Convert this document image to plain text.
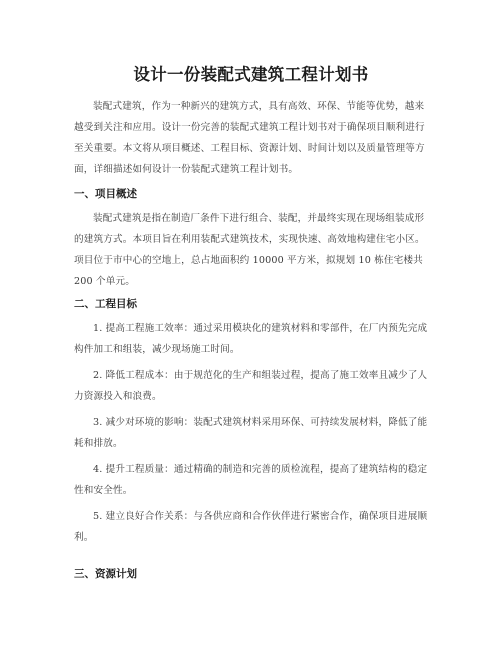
设计一份装配式建筑工程计划书
装配式建筑，作为一种新兴的建筑方式，具有高效、环保、节能等优势，越来
越受到关注和应用。设计一份完善的装配式建筑工程计划书对于确保项目顺利进行
至关重要。本文将从项目概述、工程目标、资源计划、时间计划以及质量管理等方
面，详细描述如何设计一份装配式建筑工程计划书。
一、项目概述
装配式建筑是指在制造厂条件下进行组合、装配，并最终实现在现场组装成形
的建筑方式。本项目旨在利用装配式建筑技术，实现快速、高效地构建住宅小区。
项目位于市中心的空地上，总占地面积约 10000 平方米，拟规划 10 栋住宅楼共
200 个单元。
二、工程目标
1. 提高工程施工效率：通过采用模块化的建筑材料和零部件，在厂内预先完成
构件加工和组装，减少现场施工时间。
2. 降低工程成本：由于规范化的生产和组装过程，提高了施工效率且减少了人
力资源投入和浪费。
3. 减少对环境的影响：装配式建筑材料采用环保、可持续发展材料，降低了能
耗和排放。
4. 提升工程质量：通过精确的制造和完善的质检流程，提高了建筑结构的稳定
性和安全性。
5. 建立良好合作关系：与各供应商和合作伙伴进行紧密合作，确保项目进展顺
利。
三、资源计划
